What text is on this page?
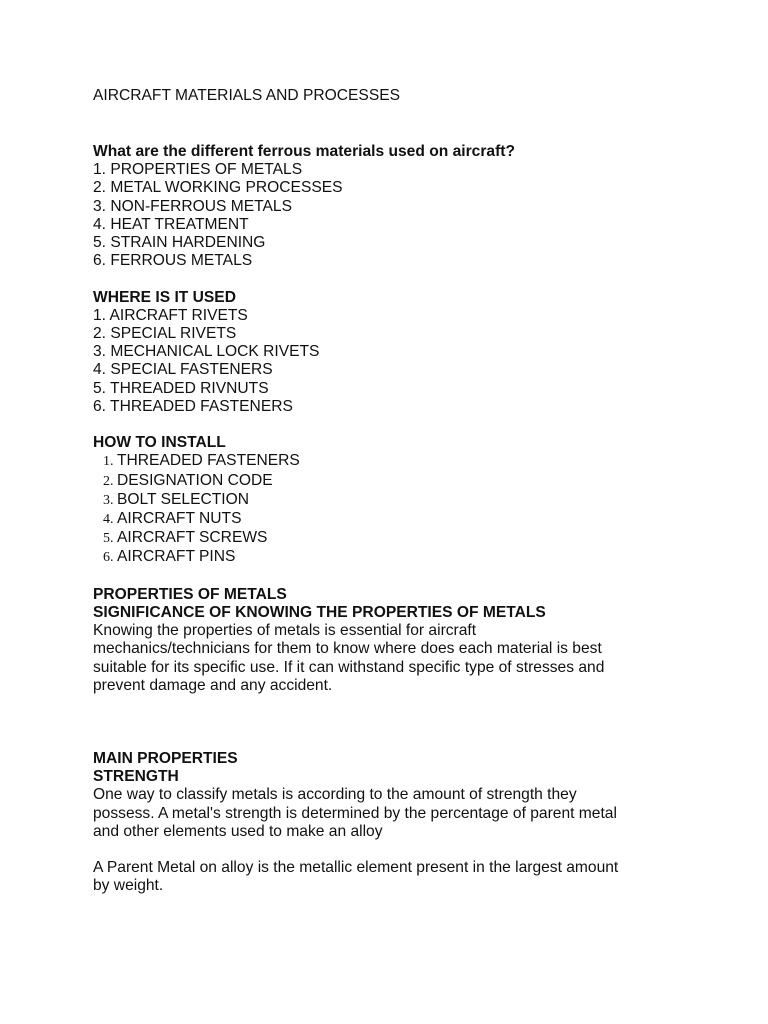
AIRCRAFT MATERIALS AND PROCESSES

What are the different ferrous materials used on aircraft?

1. PROPERTIES OF METALS

2. METAL WORKING PROCESSES

3. NON-FERROUS METALS

4. HEAT TREATMENT

5. STRAIN HARDENING

6. FERROUS METALS

WHERE IS IT USED

1. AIRCRAFT RIVETS

2. SPECIAL RIVETS

3. MECHANICAL LOCK RIVETS

4. SPECIAL FASTENERS

5. THREADED RIVNUTS

6. THREADED FASTENERS

HOW TO INSTALL

1. THREADED FASTENERS

2. DESIGNATION CODE

3. BOLT SELECTION

4. AIRCRAFT NUTS

5. AIRCRAFT SCREWS

6. AIRCRAFT PINS

PROPERTIES OF METALS

SIGNIFICANCE OF KNOWING THE PROPERTIES OF METALS

Knowing the properties of metals is essential for aircraft

mechanics/technicians for them to know where does each material is best

suitable for its specific use. If it can withstand specific type of stresses and

prevent damage and any accident.

MAIN PROPERTIES

STRENGTH

One way to classify metals is according to the amount of strength they

possess. A metal's strength is determined by the percentage of parent metal

and other elements used to make an alloy

A Parent Metal on alloy is the metallic element present in the largest amount

by weight.
